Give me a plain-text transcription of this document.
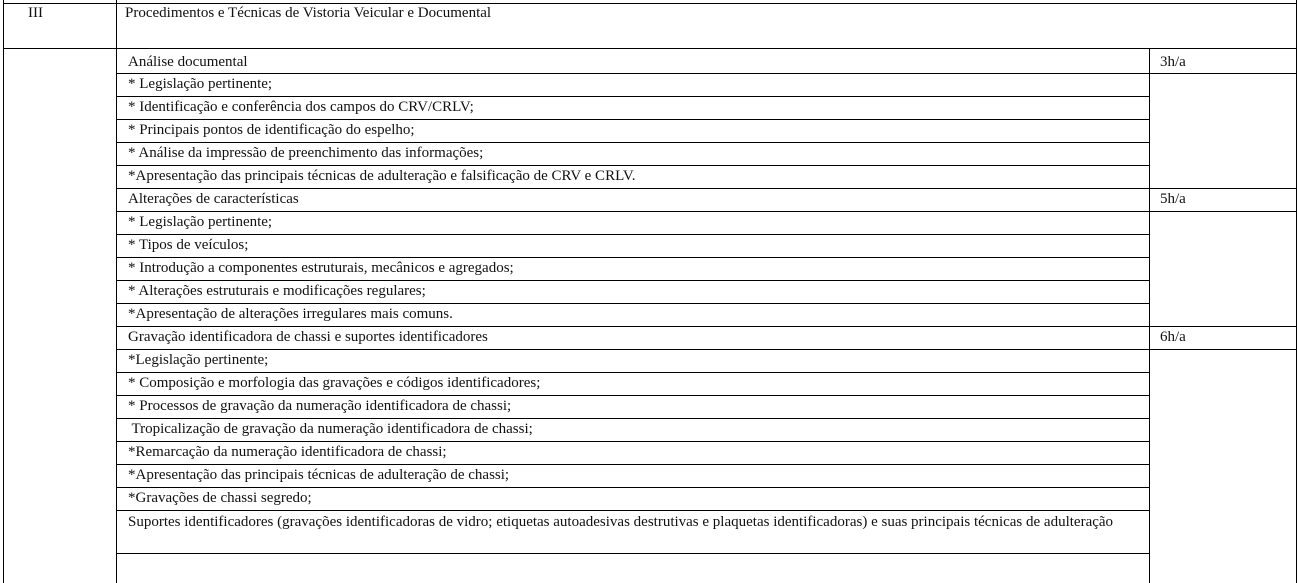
III	Procedimentos e Técnicas de Vistoria Veicular e Documental
Análise documental	3h/a
* Legislação pertinente;
* Identificação e conferência dos campos do CRV/CRLV;
* Principais pontos de identificação do espelho;
* Análise da impressão de preenchimento das informações;
*Apresentação das principais técnicas de adulteração e falsificação de CRV e CRLV.
Alterações de características	5h/a
* Legislação pertinente;
* Tipos de veículos;
* Introdução a componentes estruturais, mecânicos e agregados;
* Alterações estruturais e modificações regulares;
*Apresentação de alterações irregulares mais comuns.
Gravação identificadora de chassi e suportes identificadores	6h/a
*Legislação pertinente;
* Composição e morfologia das gravações e códigos identificadores;
* Processos de gravação da numeração identificadora de chassi;
Tropicalização de gravação da numeração identificadora de chassi;
*Remarcação da numeração identificadora de chassi;
*Apresentação das principais técnicas de adulteração de chassi;
*Gravações de chassi segredo;
Suportes identificadores (gravações identificadoras de vidro; etiquetas autoadesivas destrutivas e plaquetas identificadoras) e suas principais técnicas de adulteração
